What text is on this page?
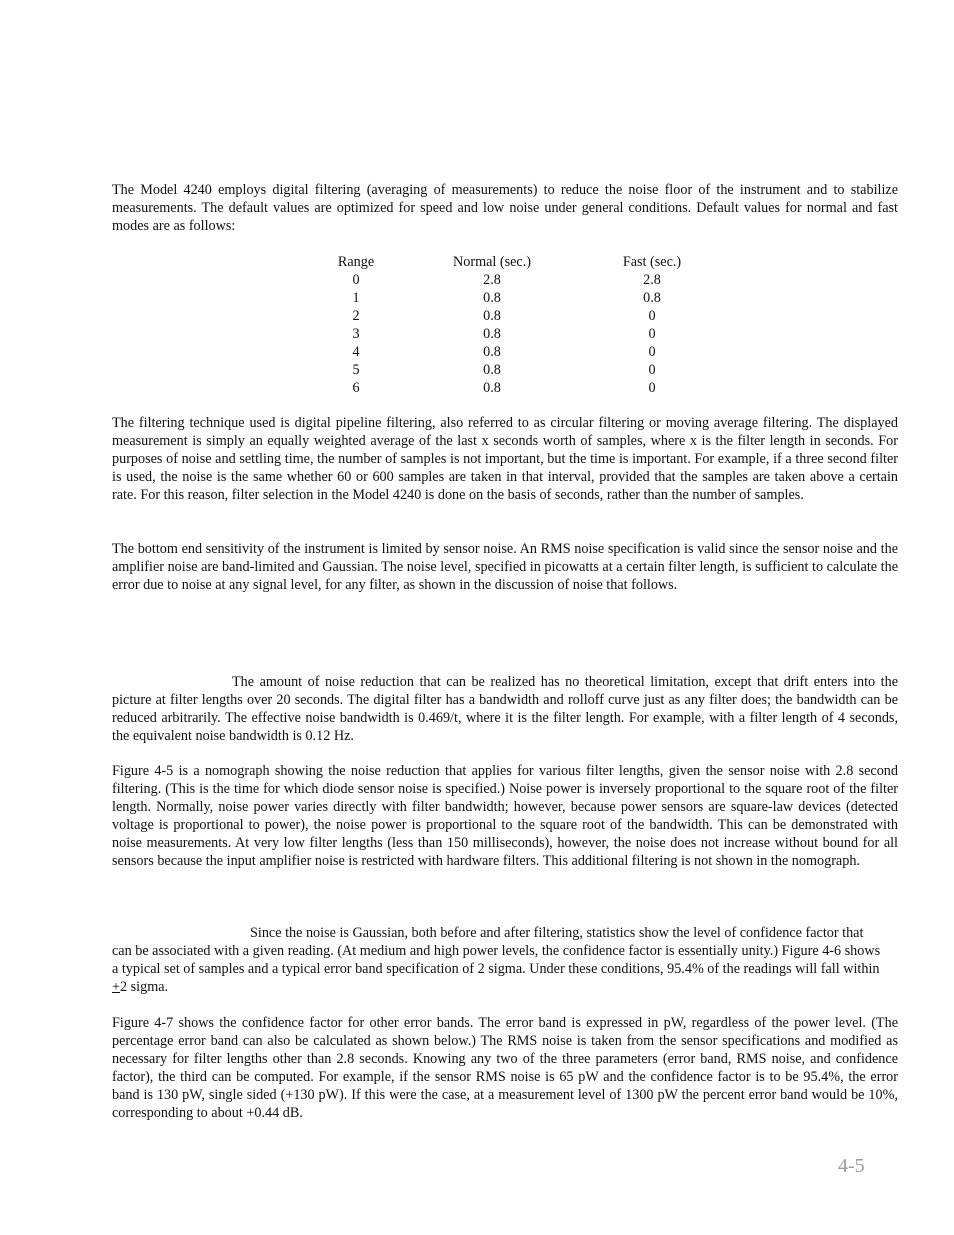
The Model 4240 employs digital filtering (averaging of measurements) to reduce the noise floor of the instrument and to stabilize measurements. The default values are optimized for speed and low noise under general conditions. Default values for normal and fast modes are as follows:

Range	Normal (sec.)	Fast (sec.)
0	2.8	2.8
1	0.8	0.8
2	0.8	0
3	0.8	0
4	0.8	0
5	0.8	0
6	0.8	0

The filtering technique used is digital pipeline filtering, also referred to as circular filtering or moving average filtering. The displayed measurement is simply an equally weighted average of the last x seconds worth of samples, where x is the filter length in seconds. For purposes of noise and settling time, the number of samples is not important, but the time is important. For example, if a three second filter is used, the noise is the same whether 60 or 600 samples are taken in that interval, provided that the samples are taken above a certain rate. For this reason, filter selection in the Model 4240 is done on the basis of seconds, rather than the number of samples.

The bottom end sensitivity of the instrument is limited by sensor noise. An RMS noise specification is valid since the sensor noise and the amplifier noise are band-limited and Gaussian. The noise level, specified in picowatts at a certain filter length, is sufficient to calculate the error due to noise at any signal level, for any filter, as shown in the discussion of noise that follows.

The amount of noise reduction that can be realized has no theoretical limitation, except that drift enters into the picture at filter lengths over 20 seconds. The digital filter has a bandwidth and rolloff curve just as any filter does; the bandwidth can be reduced arbitrarily. The effective noise bandwidth is 0.469/t, where it is the filter length. For example, with a filter length of 4 seconds, the equivalent noise bandwidth is 0.12 Hz.

Figure 4-5 is a nomograph showing the noise reduction that applies for various filter lengths, given the sensor noise with 2.8 second filtering. (This is the time for which diode sensor noise is specified.) Noise power is inversely proportional to the square root of the filter length. Normally, noise power varies directly with filter bandwidth; however, because power sensors are square-law devices (detected voltage is proportional to power), the noise power is proportional to the square root of the bandwidth. This can be demonstrated with noise measurements. At very low filter lengths (less than 150 milliseconds), however, the noise does not increase without bound for all sensors because the input amplifier noise is restricted with hardware filters. This additional filtering is not shown in the nomograph.

Since the noise is Gaussian, both before and after filtering, statistics show the level of confidence factor that can be associated with a given reading. (At medium and high power levels, the confidence factor is essentially unity.) Figure 4-6 shows a typical set of samples and a typical error band specification of 2 sigma. Under these conditions, 95.4% of the readings will fall within +2 sigma.

Figure 4-7 shows the confidence factor for other error bands. The error band is expressed in pW, regardless of the power level. (The percentage error band can also be calculated as shown below.) The RMS noise is taken from the sensor specifications and modified as necessary for filter lengths other than 2.8 seconds. Knowing any two of the three parameters (error band, RMS noise, and confidence factor), the third can be computed. For example, if the sensor RMS noise is 65 pW and the confidence factor is to be 95.4%, the error band is 130 pW, single sided (+130 pW). If this were the case, at a measurement level of 1300 pW the percent error band would be 10%, corresponding to about +0.44 dB.

4-5
